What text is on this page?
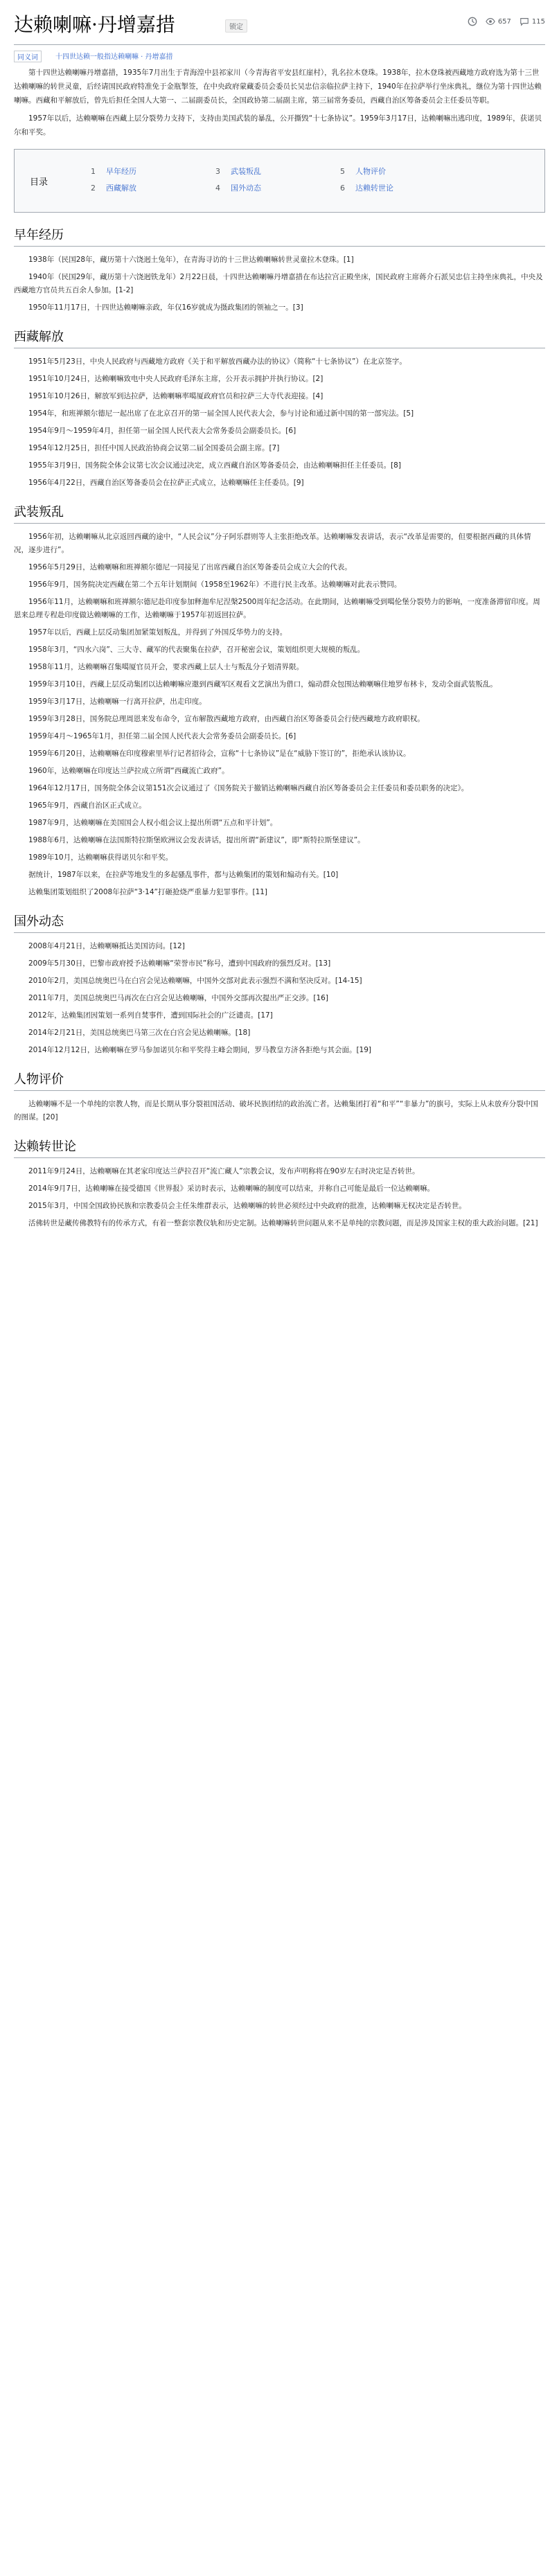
达赖喇嘛·丹增嘉措	锁定
657	115
同义词	十四世达赖一般指达赖喇嘛 · 丹增嘉措

第十四世达赖喇嘛丹增嘉措，1935年7月出生于青海湟中县祁家川（今青海省平安县红崖村），乳名拉木登珠。1938年，拉木登珠被西藏地方政府选为第十三世达赖喇嘛的转世灵童，后经请国民政府特准免于金瓶掣签，在中央政府蒙藏委员会委员长吴忠信亲临拉萨主持下，1940年在拉萨举行坐床典礼，继位为第十四世达赖喇嘛。西藏和平解放后，曾先后担任全国人大第一、二届副委员长，全国政协第二届副主席，第三届常务委员，西藏自治区筹备委员会主任委员等职。

1957年以后，达赖喇嘛在西藏上层分裂势力支持下，支持由美国武装的暴乱，公开撕毁“十七条协议”。1959年3月17日，达赖喇嘛出逃印度，1989年，获诺贝尔和平奖。

目录
1 早年经历
2 西藏解放
3 武装叛乱
4 国外动态
5 人物评价
6 达赖转世论
早年经历

1938年（民国28年，藏历第十六饶迥土兔年），在青海寻访的十三世达赖喇嘛转世灵童拉木登珠。[1]

1940年（民国29年，藏历第十六饶迥铁龙年）2月22日晨，十四世达赖喇嘛丹增嘉措在布达拉宫正殿坐床，国民政府主席蒋介石派吴忠信主持坐床典礼，中央及西藏地方官员共五百余人参加。[1-2]

1950年11月17日，十四世达赖喇嘛亲政，年仅16岁就成为摄政集团的领袖之一。[3]

西藏解放

1951年5月23日，中央人民政府与西藏地方政府《关于和平解放西藏办法的协议》（简称“十七条协议”）在北京签字。

1951年10月24日，达赖喇嘛致电中央人民政府毛泽东主席，公开表示拥护并执行协议。[2]

1951年10月26日，解放军到达拉萨，达赖喇嘛率噶厦政府官员和拉萨三大寺代表迎接。[4]

1954年，和班禅额尔德尼一起出席了在北京召开的第一届全国人民代表大会，参与讨论和通过新中国的第一部宪法。[5]

1954年9月～1959年4月，担任第一届全国人民代表大会常务委员会副委员长。[6]

1954年12月25日，担任中国人民政治协商会议第二届全国委员会副主席。[7]

1955年3月9日，国务院全体会议第七次会议通过决定，成立西藏自治区筹备委员会，由达赖喇嘛担任主任委员。[8]

1956年4月22日，西藏自治区筹备委员会在拉萨正式成立，达赖喇嘛任主任委员。[9]

武装叛乱

1956年初，达赖喇嘛从北京返回西藏的途中，“人民会议”分子阿乐群则等人主张拒绝改革。达赖喇嘛发表讲话，表示“改革是需要的，但要根据西藏的具体情况，逐步进行”。

1956年5月29日，达赖喇嘛和班禅额尔德尼一同接见了出席西藏自治区筹备委员会成立大会的代表。

1956年9月，国务院决定西藏在第二个五年计划期间（1958至1962年）不进行民主改革。达赖喇嘛对此表示赞同。

1956年11月，达赖喇嘛和班禅额尔德尼赴印度参加释迦牟尼涅槃2500周年纪念活动。在此期间，达赖喇嘛受到噶伦堡分裂势力的影响，一度准备滞留印度。周恩来总理专程赴印度做达赖喇嘛的工作，达赖喇嘛于1957年初返回拉萨。

1957年以后，西藏上层反动集团加紧策划叛乱，并得到了外国反华势力的支持。

1958年3月，“四水六岗”、三大寺、藏军的代表聚集在拉萨，召开秘密会议，策划组织更大规模的叛乱。

1958年11月，达赖喇嘛召集噶厦官员开会，要求西藏上层人士与叛乱分子划清界限。

1959年3月10日，西藏上层反动集团以达赖喇嘛应邀到西藏军区观看文艺演出为借口，煽动群众包围达赖喇嘛住地罗布林卡，发动全面武装叛乱。

1959年3月17日，达赖喇嘛一行离开拉萨，出走印度。

1959年3月28日，国务院总理周恩来发布命令，宣布解散西藏地方政府，由西藏自治区筹备委员会行使西藏地方政府职权。

1959年4月～1965年1月，担任第二届全国人民代表大会常务委员会副委员长。[6]

1959年6月20日，达赖喇嘛在印度穆索里举行记者招待会，宣称“十七条协议”是在“威胁下签订的”，拒绝承认该协议。

1960年，达赖喇嘛在印度达兰萨拉成立所谓“西藏流亡政府”。

1964年12月17日，国务院全体会议第151次会议通过了《国务院关于撤销达赖喇嘛西藏自治区筹备委员会主任委员和委员职务的决定》。

1965年9月，西藏自治区正式成立。

1987年9月，达赖喇嘛在美国国会人权小组会议上提出所谓“五点和平计划”。

1988年6月，达赖喇嘛在法国斯特拉斯堡欧洲议会发表讲话，提出所谓“新建议”，即“斯特拉斯堡建议”。

1989年10月，达赖喇嘛获得诺贝尔和平奖。

据统计，1987年以来，在拉萨等地发生的多起骚乱事件，都与达赖集团的策划和煽动有关。[10]

达赖集团策划组织了2008年拉萨“3·14”打砸抢烧严重暴力犯罪事件。[11]

国外动态

2008年4月21日，达赖喇嘛抵达美国访问。[12]

2009年5月30日，巴黎市政府授予达赖喇嘛“荣誉市民”称号，遭到中国政府的强烈反对。[13]

2010年2月，美国总统奥巴马在白宫会见达赖喇嘛，中国外交部对此表示强烈不满和坚决反对。[14-15]

2011年7月，美国总统奥巴马再次在白宫会见达赖喇嘛，中国外交部再次提出严正交涉。[16]

2012年，达赖集团因策划一系列自焚事件，遭到国际社会的广泛谴责。[17]

2014年2月21日，美国总统奥巴马第三次在白宫会见达赖喇嘛。[18]

2014年12月12日，达赖喇嘛在罗马参加诺贝尔和平奖得主峰会期间，罗马教皇方济各拒绝与其会面。[19]

人物评价

达赖喇嘛不是一个单纯的宗教人物，而是长期从事分裂祖国活动、破坏民族团结的政治流亡者。达赖集团打着“和平”“非暴力”的旗号，实际上从未放弃分裂中国的图谋。[20]

达赖转世论

2011年9月24日，达赖喇嘛在其老家印度达兰萨拉召开“流亡藏人”宗教会议，发布声明称将在90岁左右时决定是否转世。

2014年9月7日，达赖喇嘛在接受德国《世界报》采访时表示，达赖喇嘛的制度可以结束，并称自己可能是最后一位达赖喇嘛。

2015年3月，中国全国政协民族和宗教委员会主任朱维群表示，达赖喇嘛的转世必须经过中央政府的批准，达赖喇嘛无权决定是否转世。

活佛转世是藏传佛教特有的传承方式，有着一整套宗教仪轨和历史定制。达赖喇嘛转世问题从来不是单纯的宗教问题，而是涉及国家主权的重大政治问题。[21]
